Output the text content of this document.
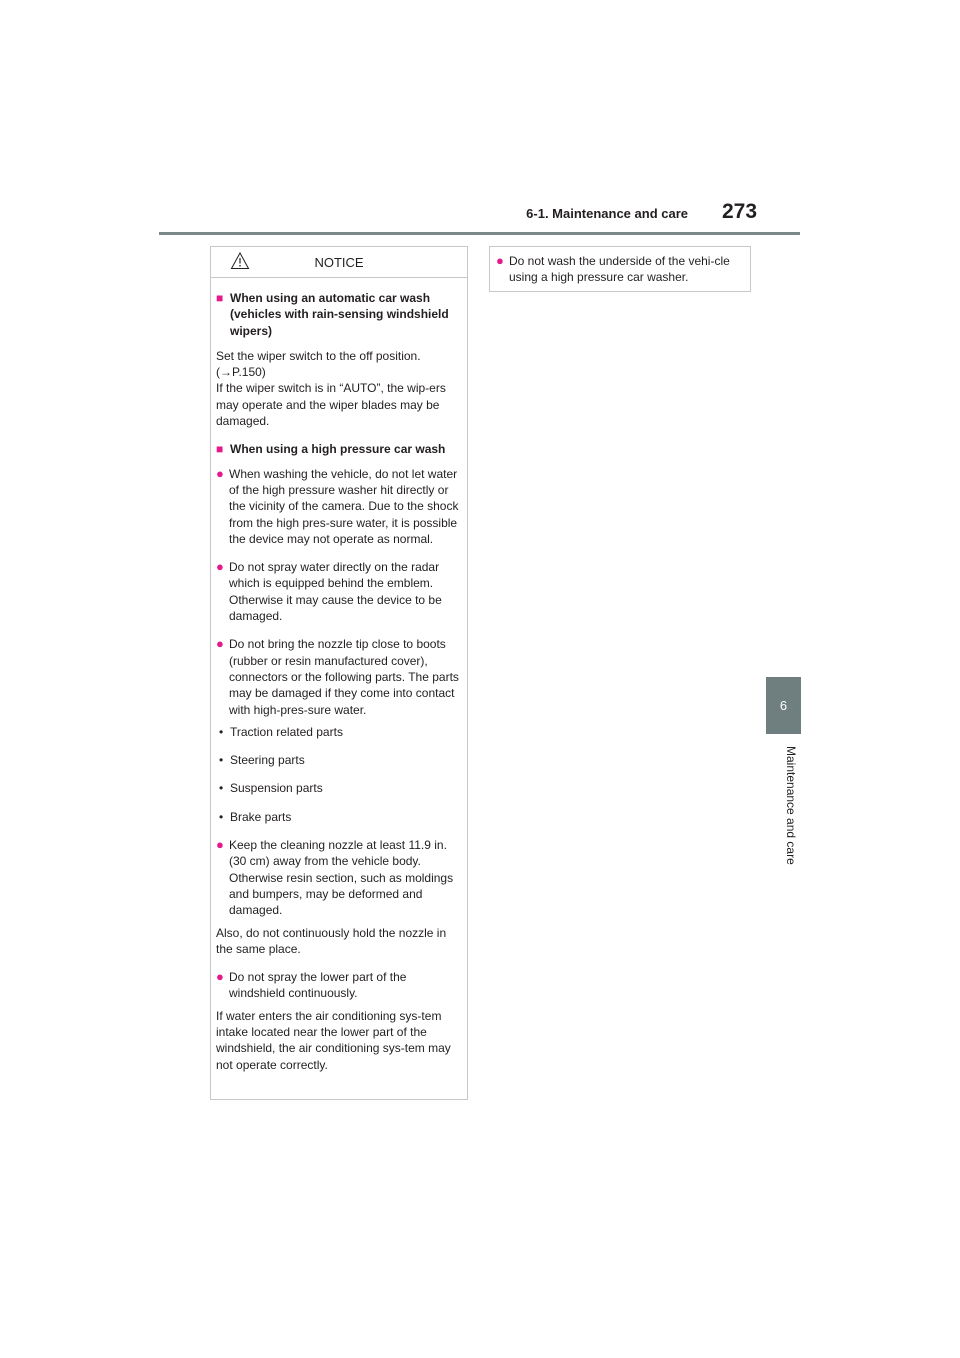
6-1. Maintenance and care 273
6
Maintenance and care
NOTICE
■ When using an automatic car wash (vehicles with rain-sensing windshield wipers)

Set the wiper switch to the off position. (→P.150)

If the wiper switch is in “AUTO”, the wip-ers may operate and the wiper blades may be damaged.

■ When using a high pressure car wash
● When washing the vehicle, do not let water of the high pressure washer hit directly or the vicinity of the camera. Due to the shock from the high pres-sure water, it is possible the device may not operate as normal.
● Do not spray water directly on the radar which is equipped behind the emblem. Otherwise it may cause the device to be damaged.
● Do not bring the nozzle tip close to boots (rubber or resin manufactured cover), connectors or the following parts. The parts may be damaged if they come into contact with high-pres-sure water.
• Traction related parts
• Steering parts
• Suspension parts
• Brake parts
● Keep the cleaning nozzle at least 11.9 in. (30 cm) away from the vehicle body. Otherwise resin section, such as moldings and bumpers, may be deformed and damaged.

Also, do not continuously hold the nozzle in the same place.

● Do not spray the lower part of the windshield continuously.

If water enters the air conditioning sys-tem intake located near the lower part of the windshield, the air conditioning sys-tem may not operate correctly.

● Do not wash the underside of the vehi-cle using a high pressure car washer.
